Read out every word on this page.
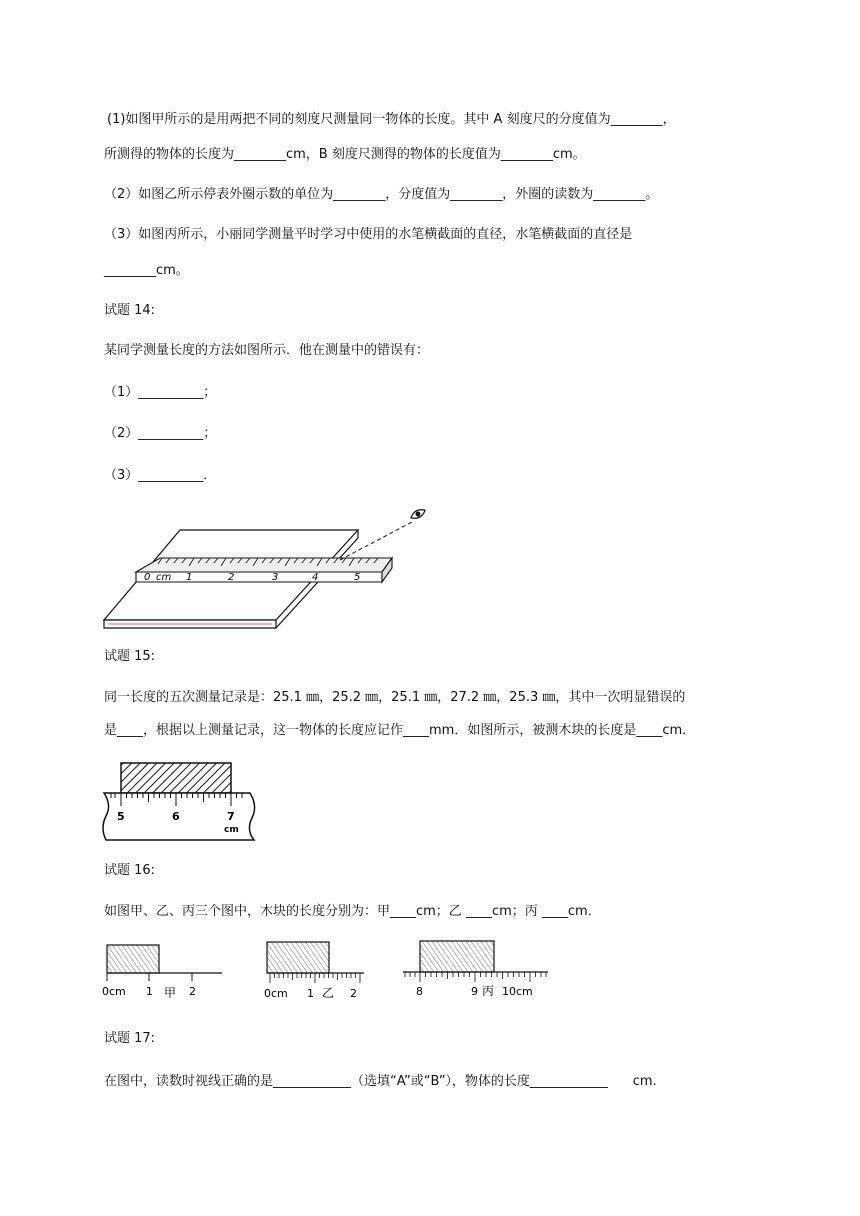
(1)如图甲所示的是用两把不同的刻度尺测量同一物体的长度。其中 A 刻度尺的分度值为________，
所测得的物体的长度为________cm，B 刻度尺测得的物体的长度值为________cm。
（2）如图乙所示停表外圈示数的单位为________，分度值为________，外圈的读数为________。
（3）如图丙所示，小丽同学测量平时学习中使用的水笔横截面的直径，水笔横截面的直径是
________cm。
试题 14:
某同学测量长度的方法如图所示．他在测量中的错误有：
（1）__________；
（2）__________；
（3）__________．
0 cm 1	2	3	4	5
试题 15:
同一长度的五次测量记录是：25.1 ㎜，25.2 ㎜，25.1 ㎜，27.2 ㎜，25.3 ㎜，其中一次明显错误的
是____，根据以上测量记录，这一物体的长度应记作____mm．如图所示，被测木块的长度是____cm．
5	6	7
cm
试题 16:
如图甲、乙、丙三个图中，木块的长度分别为：甲____cm；乙 ____cm；丙 ____cm．
0cm 1 甲 2	0cm 1 乙 2	8	9 丙 10cm
试题 17:
在图中，读数时视线正确的是____________（选填“A”或“B”），物体的长度____________      cm.
